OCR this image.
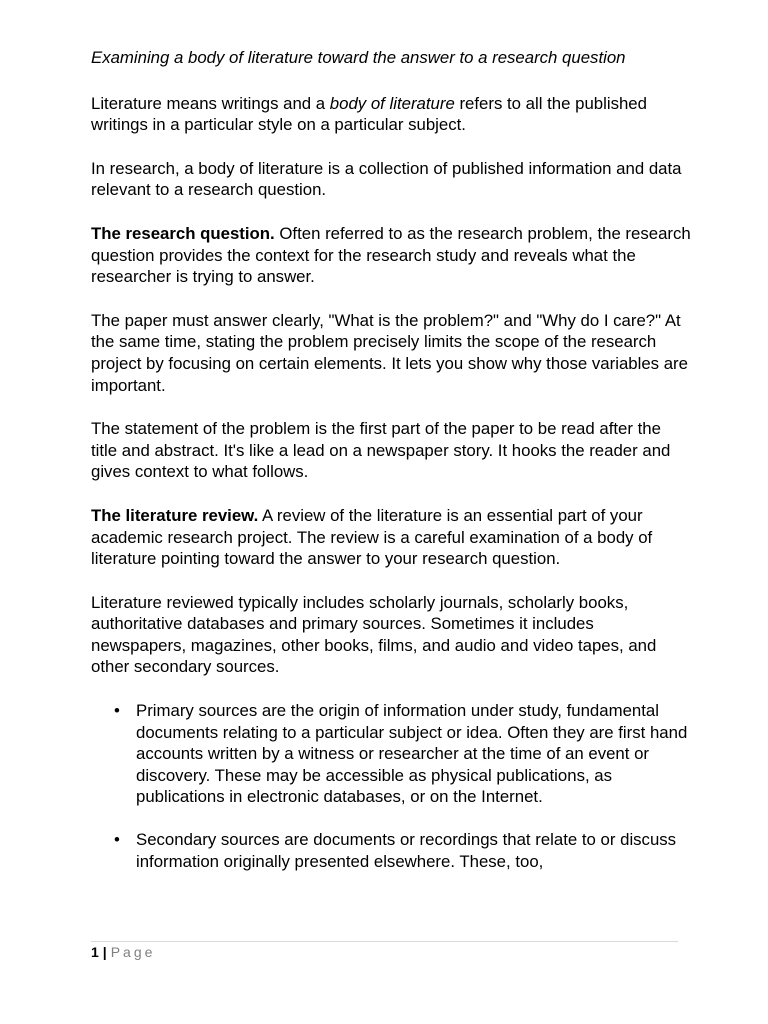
Examining a body of literature toward the answer to a research question

Literature means writings and a body of literature refers to all the published writings in a particular style on a particular subject.

In research, a body of literature is a collection of published information and data relevant to a research question.

The research question. Often referred to as the research problem, the research question provides the context for the research study and reveals what the researcher is trying to answer.

The paper must answer clearly, "What is the problem?" and "Why do I care?" At the same time, stating the problem precisely limits the scope of the research project by focusing on certain elements. It lets you show why those variables are important.

The statement of the problem is the first part of the paper to be read after the title and abstract. It's like a lead on a newspaper story. It hooks the reader and gives context to what follows.

The literature review. A review of the literature is an essential part of your academic research project. The review is a careful examination of a body of literature pointing toward the answer to your research question.

Literature reviewed typically includes scholarly journals, scholarly books, authoritative databases and primary sources. Sometimes it includes newspapers, magazines, other books, films, and audio and video tapes, and other secondary sources.

• Primary sources are the origin of information under study, fundamental documents relating to a particular subject or idea. Often they are first hand accounts written by a witness or researcher at the time of an event or discovery. These may be accessible as physical publications, as publications in electronic databases, or on the Internet.
• Secondary sources are documents or recordings that relate to or discuss information originally presented elsewhere. These, too,
1 | Page
